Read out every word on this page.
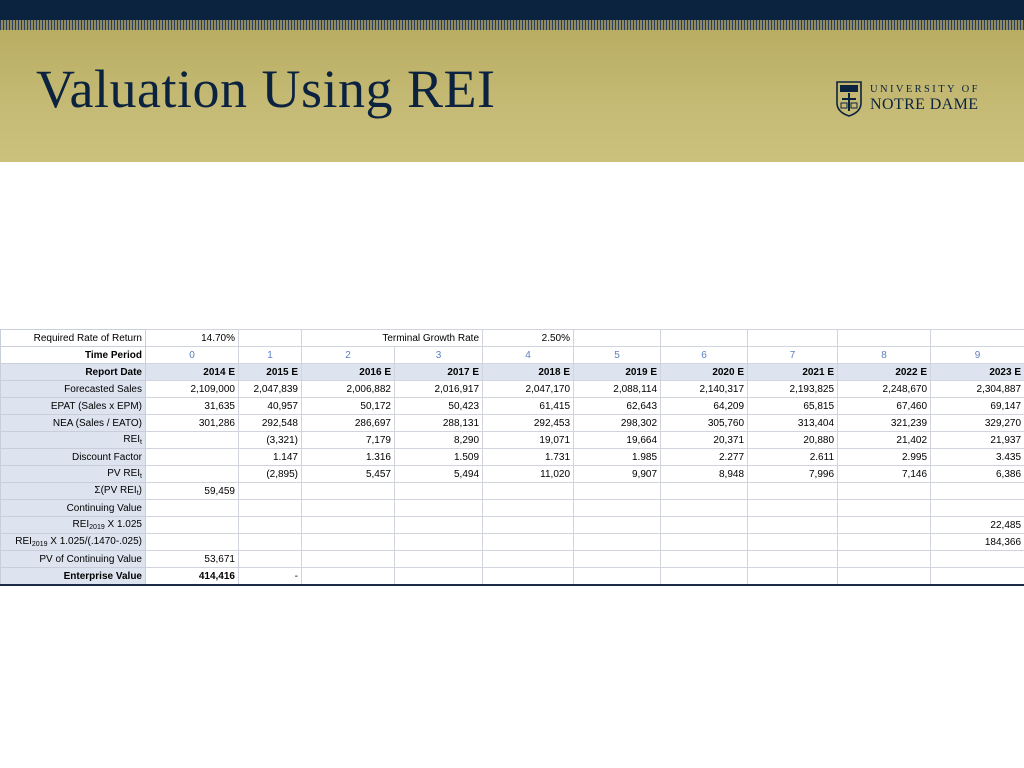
Valuation Using REI	UNIVERSITY OF
NOTRE DAME
Required Rate of Return	14.70%		Terminal Growth Rate		2.50%					
Time Period	0	1	2	3	4	5	6	7	8	9
Report Date	2014 E	2015 E	2016 E	2017 E	2018 E	2019 E	2020 E	2021 E	2022 E	2023 E
Forecasted Sales	2,109,000	2,047,839	2,006,882	2,016,917	2,047,170	2,088,114	2,140,317	2,193,825	2,248,670	2,304,887
EPAT (Sales x EPM)	31,635	40,957	50,172	50,423	61,415	62,643	64,209	65,815	67,460	69,147
NEA (Sales / EATO)	301,286	292,548	286,697	288,131	292,453	298,302	305,760	313,404	321,239	329,270
$REI_t$		(3,321)	7,179	8,290	19,071	19,664	20,371	20,880	21,402	21,937
Discount Factor		1.147	1.316	1.509	1.731	1.985	2.277	2.611	2.995	3.435
PV $REI_t$		(2,895)	5,457	5,494	11,020	9,907	8,948	7,996	7,146	6,386
Σ(PV $REI_t$)	59,459									
Continuing Value										
$REI_{2019}$ X 1.025										22,485
$REI_{2019}$ X 1.025/(.1470-.025)										184,366
PV of Continuing Value	53,671									
Enterprise Value	414,416	-								
